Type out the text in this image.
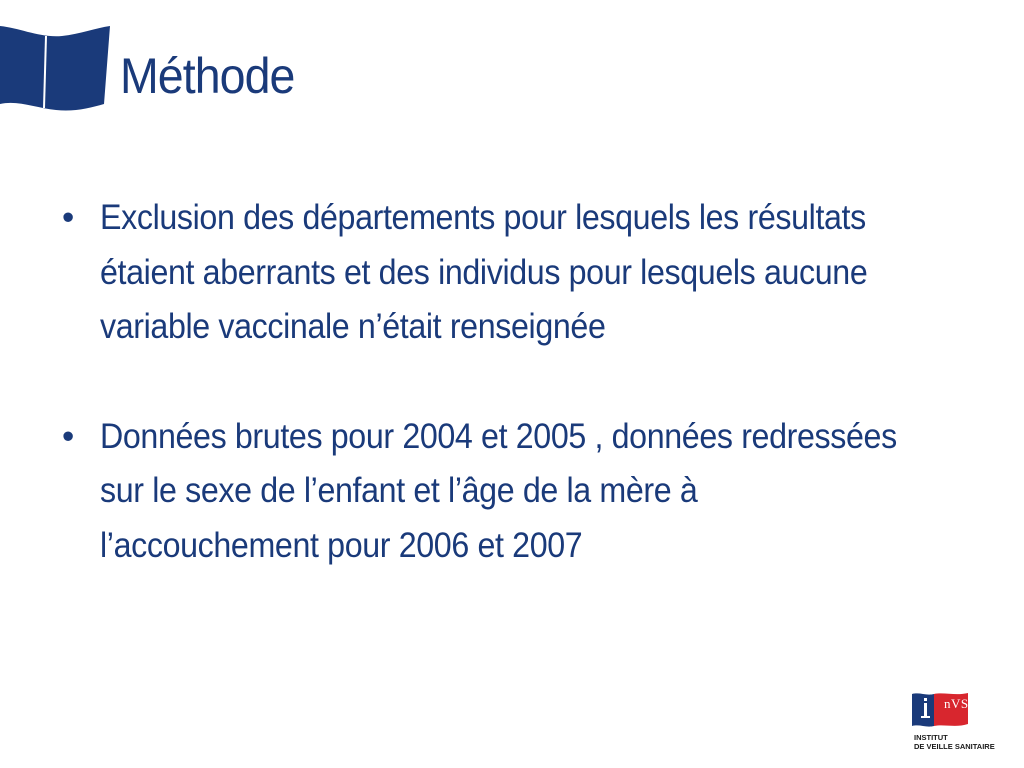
Méthode
• Exclusion des départements pour lesquels les résultats étaient aberrants et des individus pour lesquels aucune variable vaccinale n’était renseignée
• Données brutes pour 2004 et 2005 , données redressées sur le sexe de l’enfant et l’âge de la mère à l’accouchement pour 2006 et 2007
nVS
INSTITUT
DE VEILLE SANITAIRE
